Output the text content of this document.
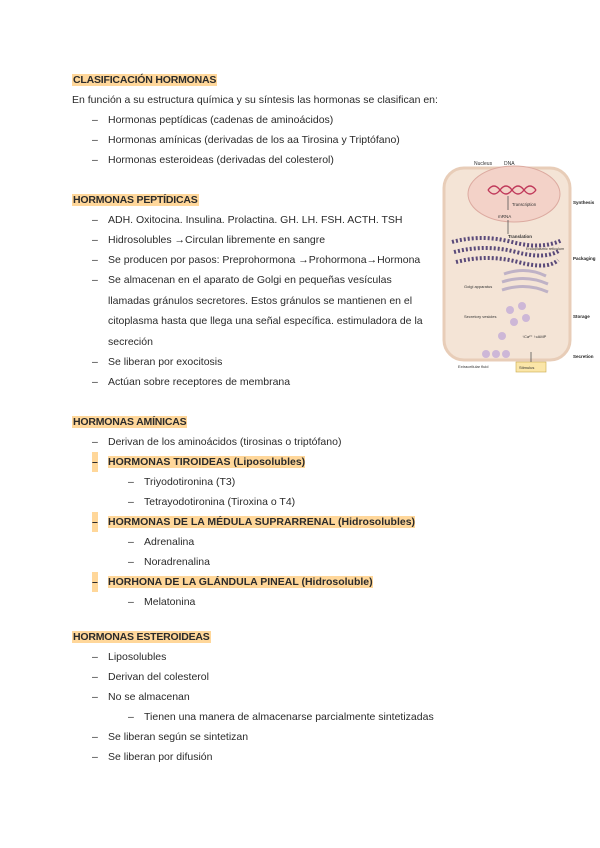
CLASIFICACIÓN HORMONAS
En función a su estructura química y su síntesis las hormonas se clasifican en:
– Hormonas peptídicas (cadenas de aminoácidos)
– Hormonas amínicas (derivadas de los aa Tirosina y Triptófano)
– Hormonas esteroideas (derivadas del colesterol)
HORMONAS PEPTÍDICAS
– ADH. Oxitocina. Insulina. Prolactina. GH. LH. FSH. ACTH. TSH
– Hidrosolubles →Circulan libremente en sangre
– Se producen por pasos: Preprohormona →Prohormona→Hormona
– Se almacenan en el aparato de Golgi en pequeñas vesículas llamadas gránulos secretores. Estos gránulos se mantienen en el citoplasma hasta que llega una señal específica. estimuladora de la secreción
– Se liberan por exocitosis
– Actúan sobre receptores de membrana
HORMONAS AMÍNICAS
– Derivan de los aminoácidos (tirosinas o triptófano)
– HORMONAS TIROIDEAS (Liposolubles)
– Triyodotironina (T3)
– Tetrayodotironina (Tiroxina o T4)
– HORMONAS DE LA MÉDULA SUPRARRENAL (Hidrosolubles)
– Adrenalina
– Noradrenalina
– HORHONA DE LA GLÁNDULA PINEAL (Hidrosoluble)
– Melatonina
HORMONAS ESTEROIDEAS
– Liposolubles
– Derivan del colesterol
– No se almacenan
– Tienen una manera de almacenarse parcialmente sintetizadas
– Se liberan según se sintetizan
– Se liberan por difusión
Nucleus DNA
Transcription
mRNA
Translation
Endoplasmic reticulum
Golgi apparatus
Secretory vesicles
↑Ca²⁺ ↑cAMP
Extracellular fluid	Stimulus
Synthesis
Packaging
Storage
Secretion
